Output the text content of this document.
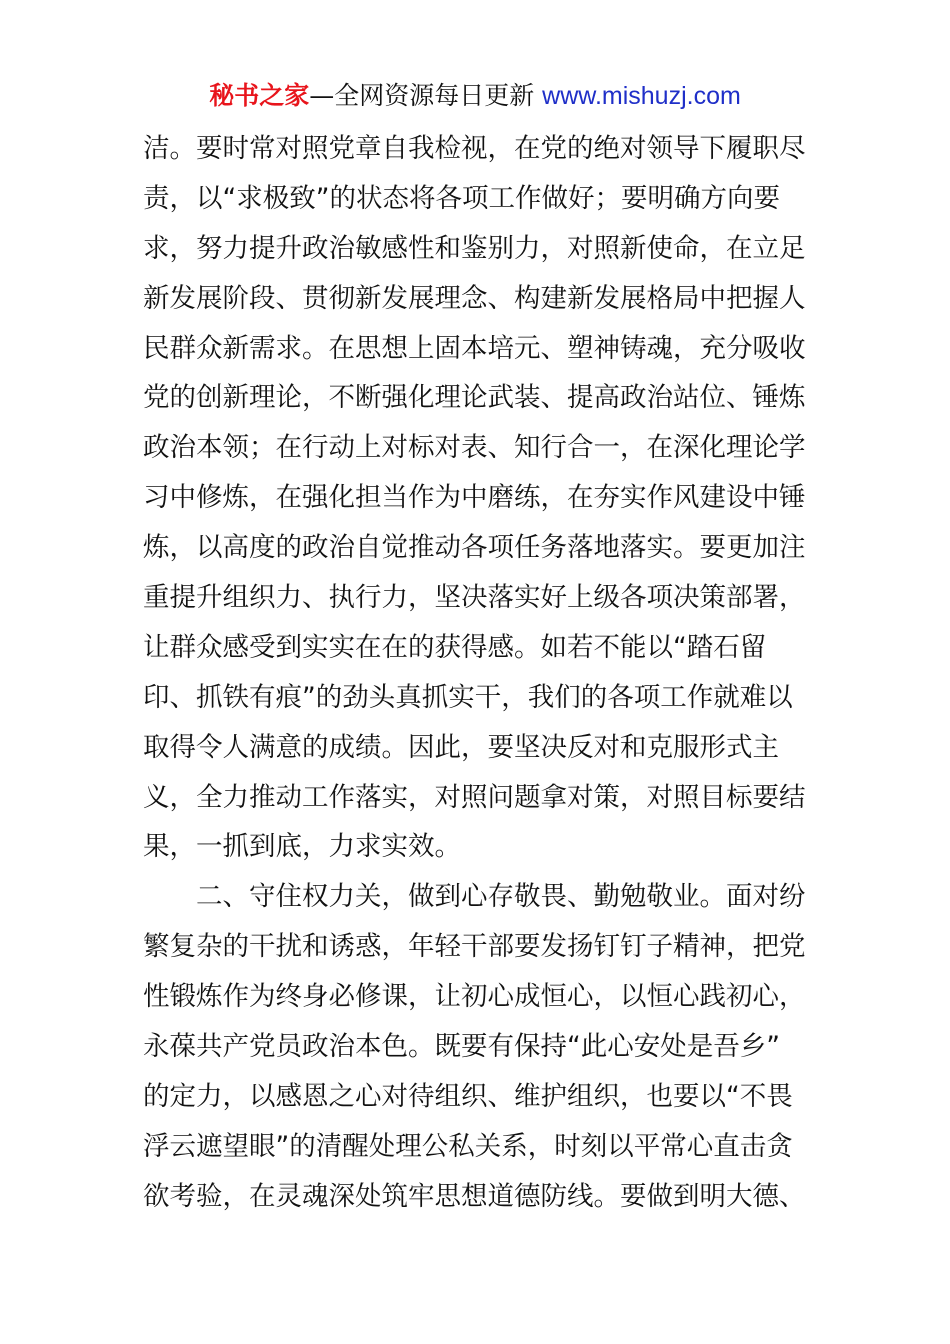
秘书之家—全网资源每日更新 www.mishuzj.com
洁。要时常对照党章自我检视，在党的绝对领导下履职尽
责，以“求极致”的状态将各项工作做好；要明确方向要
求，努力提升政治敏感性和鉴别力，对照新使命，在立足
新发展阶段、贯彻新发展理念、构建新发展格局中把握人
民群众新需求。在思想上固本培元、塑神铸魂，充分吸收
党的创新理论，不断强化理论武装、提高政治站位、锤炼
政治本领；在行动上对标对表、知行合一，在深化理论学
习中修炼，在强化担当作为中磨练，在夯实作风建设中锤
炼，以高度的政治自觉推动各项任务落地落实。要更加注
重提升组织力、执行力，坚决落实好上级各项决策部署，
让群众感受到实实在在的获得感。如若不能以“踏石留
印、抓铁有痕”的劲头真抓实干，我们的各项工作就难以
取得令人满意的成绩。因此，要坚决反对和克服形式主
义，全力推动工作落实，对照问题拿对策，对照目标要结
果，一抓到底，力求实效。
二、守住权力关，做到心存敬畏、勤勉敬业。面对纷
繁复杂的干扰和诱惑，年轻干部要发扬钉钉子精神，把党
性锻炼作为终身必修课，让初心成恒心，以恒心践初心，
永葆共产党员政治本色。既要有保持“此心安处是吾乡”
的定力，以感恩之心对待组织、维护组织，也要以“不畏
浮云遮望眼”的清醒处理公私关系，时刻以平常心直击贪
欲考验，在灵魂深处筑牢思想道德防线。要做到明大德、
